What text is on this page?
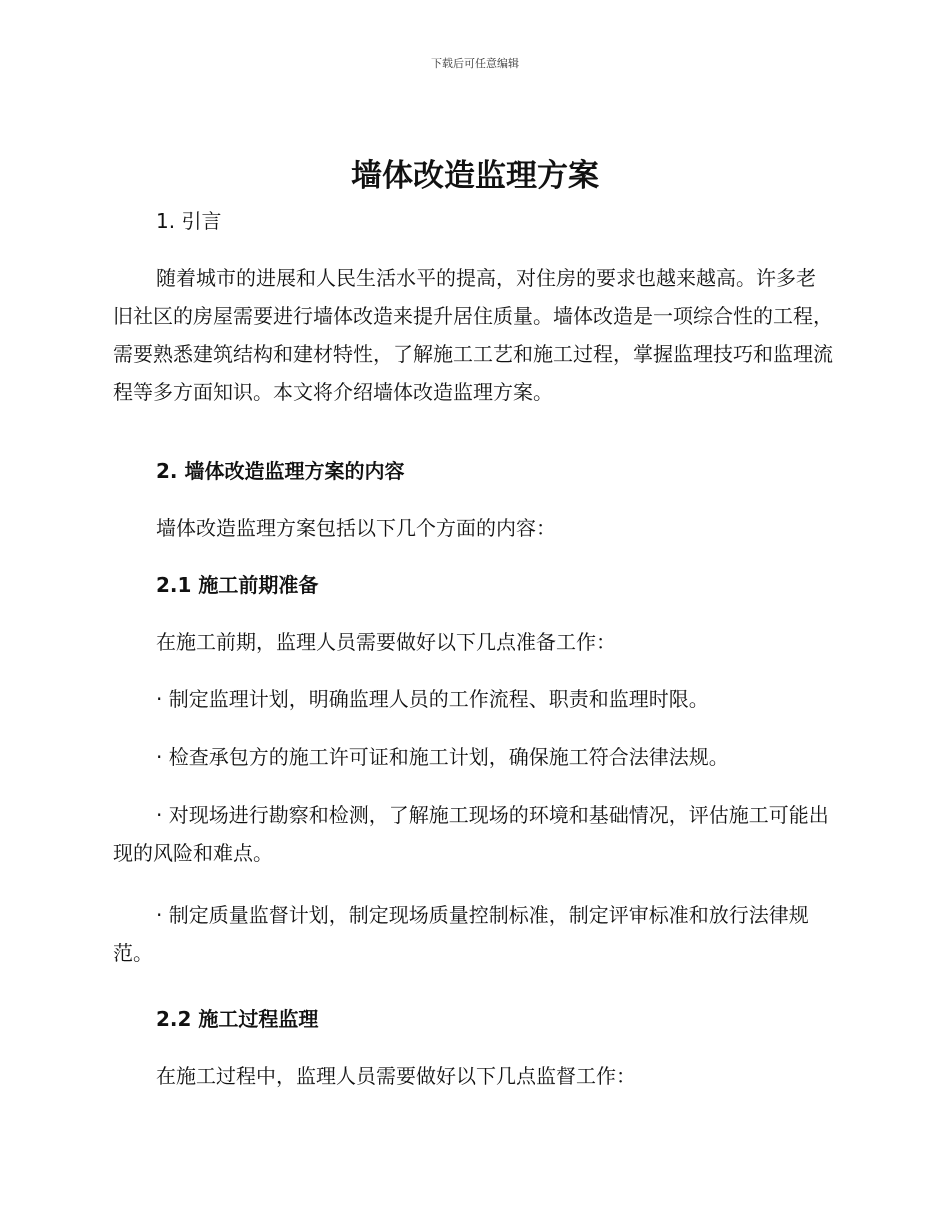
下载后可任意编辑
墙体改造监理方案

1. 引言

随着城市的进展和人民生活水平的提高，对住房的要求也越来越高。许多老旧社区的房屋需要进行墙体改造来提升居住质量。墙体改造是一项综合性的工程，需要熟悉建筑结构和建材特性，了解施工工艺和施工过程，掌握监理技巧和监理流程等多方面知识。本文将介绍墙体改造监理方案。

2. 墙体改造监理方案的内容

墙体改造监理方案包括以下几个方面的内容：

2.1 施工前期准备

在施工前期，监理人员需要做好以下几点准备工作：

· 制定监理计划，明确监理人员的工作流程、职责和监理时限。

· 检查承包方的施工许可证和施工计划，确保施工符合法律法规。

· 对现场进行勘察和检测，了解施工现场的环境和基础情况，评估施工可能出现的风险和难点。

· 制定质量监督计划，制定现场质量控制标准，制定评审标准和放行法律规范。

2.2 施工过程监理

在施工过程中，监理人员需要做好以下几点监督工作：
